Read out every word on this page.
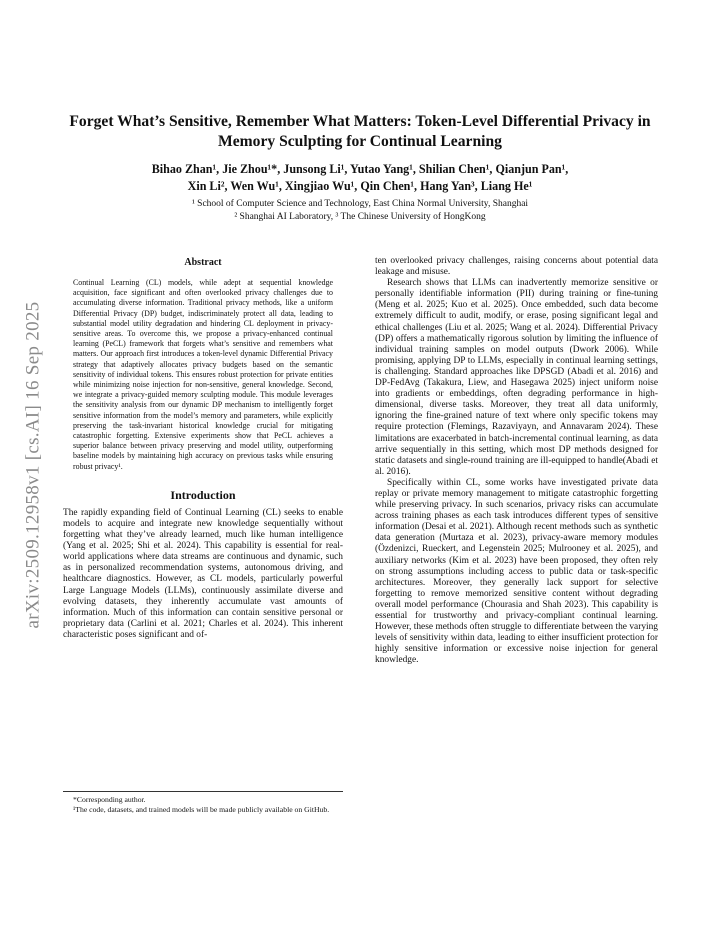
arXiv:2509.12958v1 [cs.AI] 16 Sep 2025
Forget What’s Sensitive, Remember What Matters: Token-Level Differential Privacy in Memory Sculpting for Continual Learning
Bihao Zhan¹, Jie Zhou¹*, Junsong Li¹, Yutao Yang¹, Shilian Chen¹, Qianjun Pan¹,
Xin Li², Wen Wu¹, Xingjiao Wu¹, Qin Chen¹, Hang Yan³, Liang He¹
¹ School of Computer Science and Technology, East China Normal University, Shanghai
² Shanghai AI Laboratory, ³ The Chinese University of HongKong
Abstract

Continual Learning (CL) models, while adept at sequential knowledge acquisition, face significant and often overlooked privacy challenges due to accumulating diverse information. Traditional privacy methods, like a uniform Differential Privacy (DP) budget, indiscriminately protect all data, leading to substantial model utility degradation and hindering CL deployment in privacy-sensitive areas. To overcome this, we propose a privacy-enhanced continual learning (PeCL) framework that forgets what’s sensitive and remembers what matters. Our approach first introduces a token-level dynamic Differential Privacy strategy that adaptively allocates privacy budgets based on the semantic sensitivity of individual tokens. This ensures robust protection for private entities while minimizing noise injection for non-sensitive, general knowledge. Second, we integrate a privacy-guided memory sculpting module. This module leverages the sensitivity analysis from our dynamic DP mechanism to intelligently forget sensitive information from the model’s memory and parameters, while explicitly preserving the task-invariant historical knowledge crucial for mitigating catastrophic forgetting. Extensive experiments show that PeCL achieves a superior balance between privacy preserving and model utility, outperforming baseline models by maintaining high accuracy on previous tasks while ensuring robust privacy¹.

Introduction

The rapidly expanding field of Continual Learning (CL) seeks to enable models to acquire and integrate new knowledge sequentially without forgetting what they’ve already learned, much like human intelligence (Yang et al. 2025; Shi et al. 2024). This capability is essential for real-world applications where data streams are continuous and dynamic, such as in personalized recommendation systems, autonomous driving, and healthcare diagnostics. However, as CL models, particularly powerful Large Language Models (LLMs), continuously assimilate diverse and evolving datasets, they inherently accumulate vast amounts of information. Much of this information can contain sensitive personal or proprietary data (Carlini et al. 2021; Charles et al. 2024). This inherent characteristic poses significant and of-

*Corresponding author.

¹The code, datasets, and trained models will be made publicly available on GitHub.

ten overlooked privacy challenges, raising concerns about potential data leakage and misuse.

Research shows that LLMs can inadvertently memorize sensitive or personally identifiable information (PII) during training or fine-tuning (Meng et al. 2025; Kuo et al. 2025). Once embedded, such data become extremely difficult to audit, modify, or erase, posing significant legal and ethical challenges (Liu et al. 2025; Wang et al. 2024). Differential Privacy (DP) offers a mathematically rigorous solution by limiting the influence of individual training samples on model outputs (Dwork 2006). While promising, applying DP to LLMs, especially in continual learning settings, is challenging. Standard approaches like DPSGD (Abadi et al. 2016) and DP-FedAvg (Takakura, Liew, and Hasegawa 2025) inject uniform noise into gradients or embeddings, often degrading performance in high-dimensional, diverse tasks. Moreover, they treat all data uniformly, ignoring the fine-grained nature of text where only specific tokens may require protection (Flemings, Razaviyayn, and Annavaram 2024). These limitations are exacerbated in batch-incremental continual learning, as data arrive sequentially in this setting, which most DP methods designed for static datasets and single-round training are ill-equipped to handle(Abadi et al. 2016).

Specifically within CL, some works have investigated private data replay or private memory management to mitigate catastrophic forgetting while preserving privacy. In such scenarios, privacy risks can accumulate across training phases as each task introduces different types of sensitive information (Desai et al. 2021). Although recent methods such as synthetic data generation (Murtaza et al. 2023), privacy-aware memory modules (Özdenizci, Rueckert, and Legenstein 2025; Mulrooney et al. 2025), and auxiliary networks (Kim et al. 2023) have been proposed, they often rely on strong assumptions including access to public data or task-specific architectures. Moreover, they generally lack support for selective forgetting to remove memorized sensitive content without degrading overall model performance (Chourasia and Shah 2023). This capability is essential for trustworthy and privacy-compliant continual learning. However, these methods often struggle to differentiate between the varying levels of sensitivity within data, leading to either insufficient protection for highly sensitive information or excessive noise injection for general knowledge.
